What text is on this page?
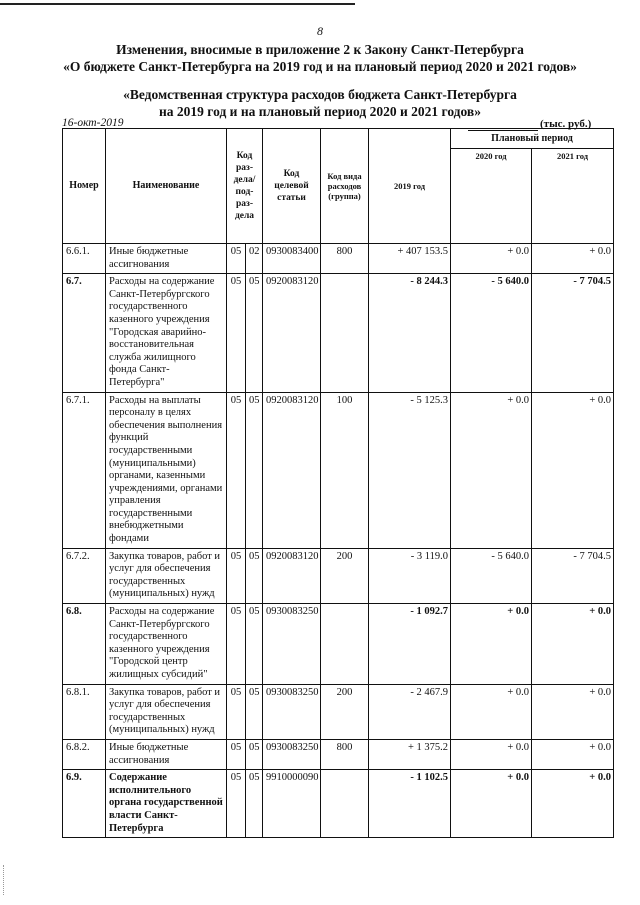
8
Изменения, вносимые в приложение 2 к Закону Санкт-Петербурга
«О бюджете Санкт-Петербурга на 2019 год и на плановый период 2020 и 2021 годов»
«Ведомственная структура расходов бюджета Санкт-Петербурга
на 2019 год и на плановый период 2020 и 2021 годов»
16-окт-2019	(тыс. руб.)
Номер	Наименование	Код раз-дела/ под-раз-дела		Код целевой статьи	Код вида расходов (группа)	2019 год	Плановый период	
							2020 год	2021 год
6.6.1.	Иные бюджетные ассигнования	05	02	0930083400	800	+ 407 153.5	+ 0.0	+ 0.0
6.7.	Расходы на содержание Санкт-Петербургского государственного казенного учреждения "Городская аварийно-восстановительная служба жилищного фонда Санкт-Петербурга"	05	05	0920083120		- 8 244.3	- 5 640.0	- 7 704.5
6.7.1.	Расходы на выплаты персоналу в целях обеспечения выполнения функций государственными (муниципальными) органами, казенными учреждениями, органами управления государственными внебюджетными фондами	05	05	0920083120	100	- 5 125.3	+ 0.0	+ 0.0
6.7.2.	Закупка товаров, работ и услуг для обеспечения государственных (муниципальных) нужд	05	05	0920083120	200	- 3 119.0	- 5 640.0	- 7 704.5
6.8.	Расходы на содержание Санкт-Петербургского государственного казенного учреждения "Городской центр жилищных субсидий"	05	05	0930083250		- 1 092.7	+ 0.0	+ 0.0
6.8.1.	Закупка товаров, работ и услуг для обеспечения государственных (муниципальных) нужд	05	05	0930083250	200	- 2 467.9	+ 0.0	+ 0.0
6.8.2.	Иные бюджетные ассигнования	05	05	0930083250	800	+ 1 375.2	+ 0.0	+ 0.0
6.9.	Содержание исполнительного органа государственной власти Санкт-Петербурга	05	05	9910000090		- 1 102.5	+ 0.0	+ 0.0
